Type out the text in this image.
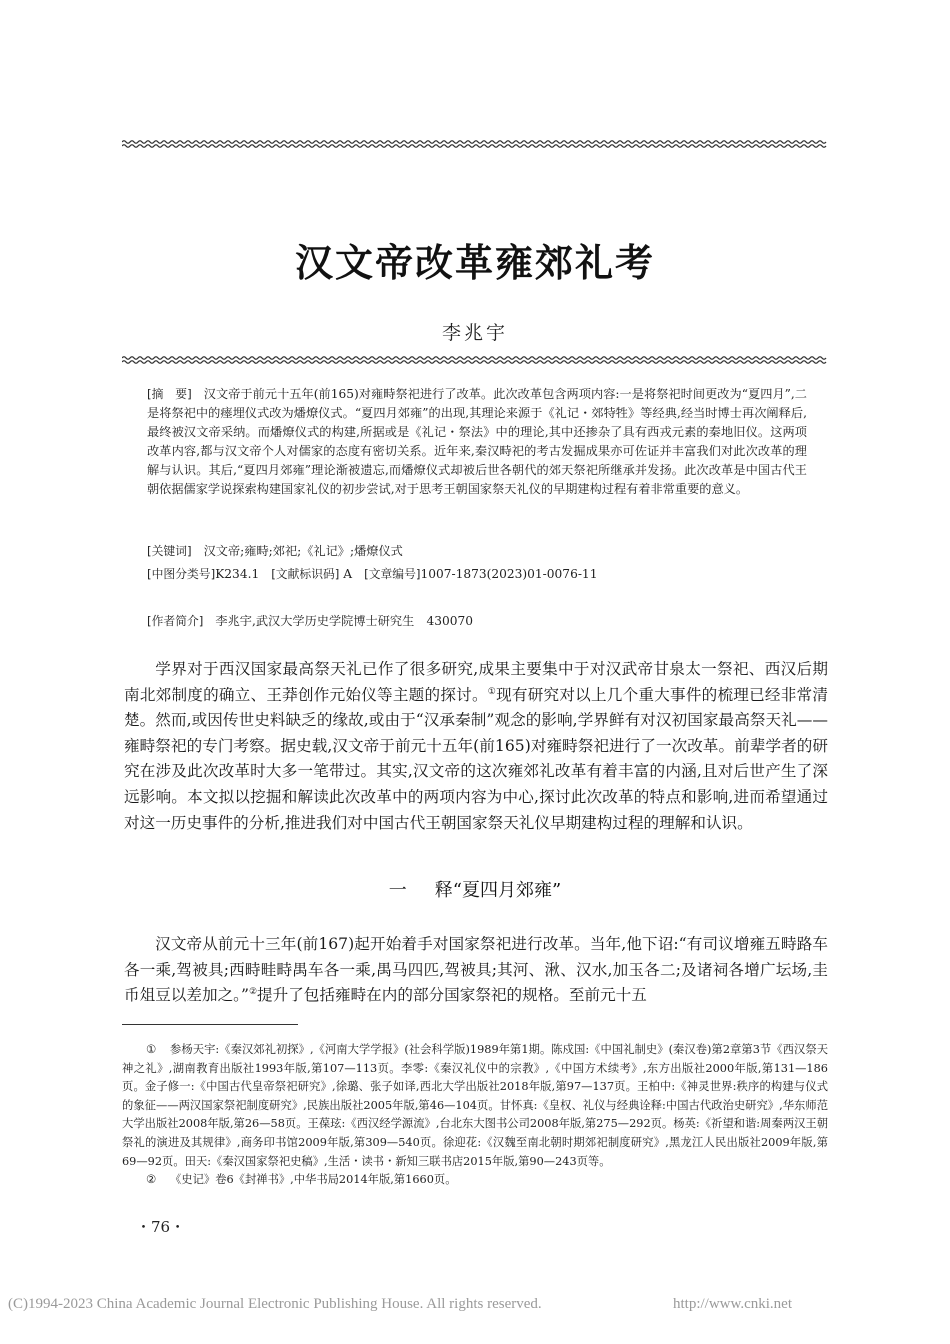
汉文帝改革雍郊礼考
李兆宇
[摘　要] 汉文帝于前元十五年(前165)对雍畤祭祀进行了改革。此次改革包含两项内容:一是将祭祀时间更改为“夏四月”,二是将祭祀中的瘗埋仪式改为燔燎仪式。“夏四月郊雍”的出现,其理论来源于《礼记・郊特牲》等经典,经当时博士再次阐释后,最终被汉文帝采纳。而燔燎仪式的构建,所据或是《礼记・祭法》中的理论,其中还掺杂了具有西戎元素的秦地旧仪。这两项改革内容,都与汉文帝个人对儒家的态度有密切关系。近年来,秦汉畤祀的考古发掘成果亦可佐证并丰富我们对此次改革的理解与认识。其后,“夏四月郊雍”理论渐被遗忘,而燔燎仪式却被后世各朝代的郊天祭祀所继承并发扬。此次改革是中国古代王朝依据儒家学说探索构建国家礼仪的初步尝试,对于思考王朝国家祭天礼仪的早期建构过程有着非常重要的意义。
[关键词] 汉文帝;雍畤;郊祀;《礼记》;燔燎仪式
[中图分类号]K234.1 [文献标识码] A [文章编号]1007-1873(2023)01-0076-11
[作者简介] 李兆宇,武汉大学历史学院博士研究生　430070
学界对于西汉国家最高祭天礼已作了很多研究,成果主要集中于对汉武帝甘泉太一祭祀、西汉后期南北郊制度的确立、王莽创作元始仪等主题的探讨。①现有研究对以上几个重大事件的梳理已经非常清楚。然而,或因传世史料缺乏的缘故,或由于“汉承秦制”观念的影响,学界鲜有对汉初国家最高祭天礼——雍畤祭祀的专门考察。据史载,汉文帝于前元十五年(前165)对雍畤祭祀进行了一次改革。前辈学者的研究在涉及此次改革时大多一笔带过。其实,汉文帝的这次雍郊礼改革有着丰富的内涵,且对后世产生了深远影响。本文拟以挖掘和解读此次改革中的两项内容为中心,探讨此次改革的特点和影响,进而希望通过对这一历史事件的分析,推进我们对中国古代王朝国家祭天礼仪早期建构过程的理解和认识。
一 释“夏四月郊雍”
汉文帝从前元十三年(前167)起开始着手对国家祭祀进行改革。当年,他下诏:“有司议增雍五畤路车各一乘,驾被具;西畤畦畤禺车各一乘,禺马四匹,驾被具;其河、湫、汉水,加玉各二;及诸祠各增广坛场,圭币俎豆以差加之。”②提升了包括雍畤在内的部分国家祭祀的规格。至前元十五

① 参杨天宇:《秦汉郊礼初探》,《河南大学学报》(社会科学版)1989年第1期。陈戍国:《中国礼制史》(秦汉卷)第2章第3节《西汉祭天神之礼》,湖南教育出版社1993年版,第107—113页。李零:《秦汉礼仪中的宗教》,《中国方术续考》,东方出版社2000年版,第131—186页。金子修一:《中国古代皇帝祭祀研究》,徐璐、张子如译,西北大学出版社2018年版,第97—137页。王柏中:《神灵世界:秩序的构建与仪式的象征——两汉国家祭祀制度研究》,民族出版社2005年版,第46—104页。甘怀真:《皇权、礼仪与经典诠释:中国古代政治史研究》,华东师范大学出版社2008年版,第26—58页。王葆玹:《西汉经学源流》,台北东大图书公司2008年版,第275—292页。杨英:《祈望和谐:周秦两汉王朝祭礼的演进及其规律》,商务印书馆2009年版,第309—540页。徐迎花:《汉魏至南北朝时期郊祀制度研究》,黑龙江人民出版社2009年版,第69—92页。田天:《秦汉国家祭祀史稿》,生活・读书・新知三联书店2015年版,第90—243页等。

② 《史记》卷6《封禅书》,中华书局2014年版,第1660页。

・76・
(C)1994-2023 China Academic Journal Electronic Publishing House. All rights reserved.	http://www.cnki.net
